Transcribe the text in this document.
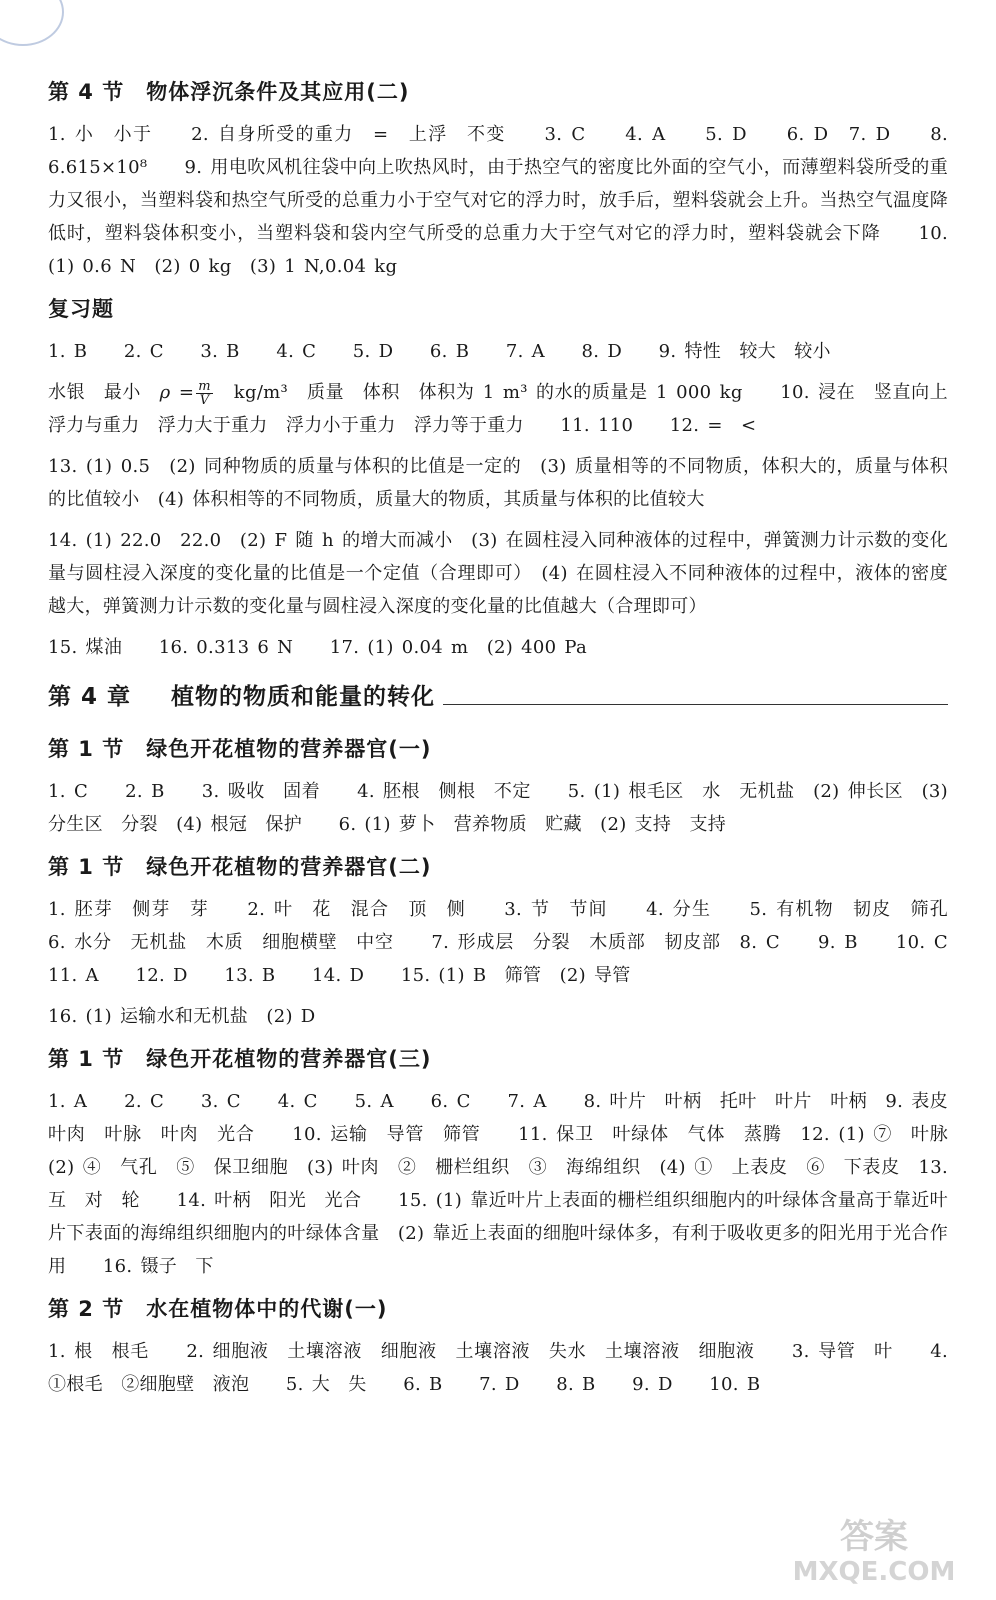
第 4 节　物体浮沉条件及其应用(二)

1. 小　小于　　2. 自身所受的重力　=　上浮　不变　　3. C　　4. A　　5. D　　6. D　7. D　　8. 6.615×10⁸　　9. 用电吹风机往袋中向上吹热风时，由于热空气的密度比外面的空气小，而薄塑料袋所受的重力又很小，当塑料袋和热空气所受的总重力小于空气对它的浮力时，放手后，塑料袋就会上升。当热空气温度降低时，塑料袋体积变小，当塑料袋和袋内空气所受的总重力大于空气对它的浮力时，塑料袋就会下降　　10. (1) 0.6 N　(2) 0 kg　(3) 1 N,0.04 kg

复习题

1. B　　2. C　　3. B　　4. C　　5. D　　6. B　　7. A　　8. D　　9. 特性　较大　较小

水银　最小　$\rho = \frac{m}{V}$ 　kg/m³　质量　体积　体积为 1 m³ 的水的质量是 1 000 kg　　10. 浸在　竖直向上　浮力与重力　浮力大于重力　浮力小于重力　浮力等于重力　　11. 110　　12. =　<

13. (1) 0.5　(2) 同种物质的质量与体积的比值是一定的　(3) 质量相等的不同物质，体积大的，质量与体积的比值较小　(4) 体积相等的不同物质，质量大的物质，其质量与体积的比值较大

14. (1) 22.0　22.0　(2) F 随 h 的增大而减小　(3) 在圆柱浸入同种液体的过程中，弹簧测力计示数的变化量与圆柱浸入深度的变化量的比值是一个定值（合理即可）　(4) 在圆柱浸入不同种液体的过程中，液体的密度越大，弹簧测力计示数的变化量与圆柱浸入深度的变化量的比值越大（合理即可）

15. 煤油　　16. 0.313 6 N　　17. (1) 0.04 m　(2) 400 Pa

第 4 章 植物的物质和能量的转化
第 1 节　绿色开花植物的营养器官(一)

1. C　　2. B　　3. 吸收　固着　　4. 胚根　侧根　不定　　5. (1) 根毛区　水　无机盐　(2) 伸长区　(3) 分生区　分裂　(4) 根冠　保护　　6. (1) 萝卜　营养物质　贮藏　(2) 支持　支持

第 1 节　绿色开花植物的营养器官(二)

1. 胚芽　侧芽　芽　　2. 叶　花　混合　顶　侧　　3. 节　节间　　4. 分生　　5. 有机物　韧皮　筛孔　　6. 水分　无机盐　木质　细胞横壁　中空　　7. 形成层　分裂　木质部　韧皮部　8. C　　9. B　　10. C　　11. A　　12. D　　13. B　　14. D　　15. (1) B　筛管　(2) 导管

16. (1) 运输水和无机盐　(2) D

第 1 节　绿色开花植物的营养器官(三)

1. A　　2. C　　3. C　　4. C　　5. A　　6. C　　7. A　　8. 叶片　叶柄　托叶　叶片　叶柄　9. 表皮　叶肉　叶脉　叶肉　光合　　10. 运输　导管　筛管　　11. 保卫　叶绿体　气体　蒸腾　12. (1) ⑦　叶脉　(2) ④　气孔　⑤　保卫细胞　(3) 叶肉　②　栅栏组织　③　海绵组织　(4) ①　上表皮　⑥　下表皮　13. 互　对　轮　　14. 叶柄　阳光　光合　　15. (1) 靠近叶片上表面的栅栏组织细胞内的叶绿体含量高于靠近叶片下表面的海绵组织细胞内的叶绿体含量　(2) 靠近上表面的细胞叶绿体多，有利于吸收更多的阳光用于光合作用　　16. 镊子　下

第 2 节　水在植物体中的代谢(一)

1. 根　根毛　　2. 细胞液　土壤溶液　细胞液　土壤溶液　失水　土壤溶液　细胞液　　3. 导管　叶　　4. ①根毛　②细胞壁　液泡　　5. 大　失　　6. B　　7. D　　8. B　　9. D　　10. B

答案
MXQE.COM
